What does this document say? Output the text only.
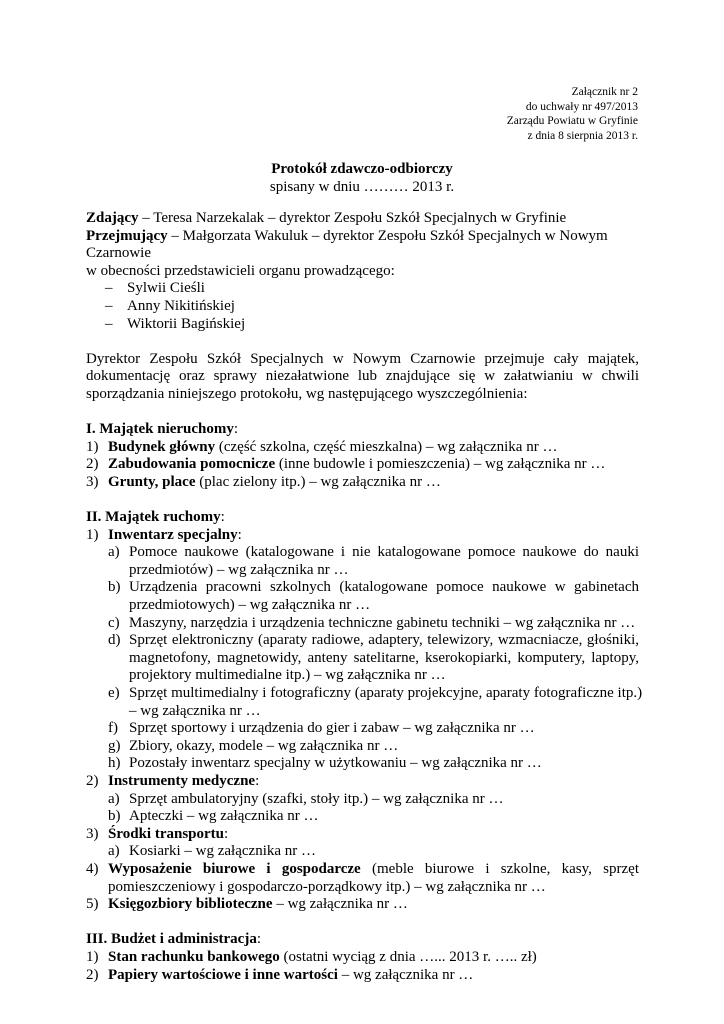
Załącznik nr 2
do uchwały nr 497/2013
Zarządu Powiatu w Gryfinie
z dnia 8 sierpnia 2013 r.
Protokół zdawczo-odbiorczy
spisany w dniu ……… 2013 r.
Zdający – Teresa Narzekalak – dyrektor Zespołu Szkół Specjalnych w Gryfinie
Przejmujący – Małgorzata Wakuluk – dyrektor Zespołu Szkół Specjalnych w Nowym
Czarnowie
w obecności przedstawicieli organu prowadzącego:
– Sylwii Cieśli
– Anny Nikitińskiej
– Wiktorii Bagińskiej
Dyrektor Zespołu Szkół Specjalnych w Nowym Czarnowie przejmuje cały majątek,
dokumentację oraz sprawy niezałatwione lub znajdujące się w załatwianiu w chwili
sporządzania niniejszego protokołu, wg następującego wyszczególnienia:
I. Majątek nieruchomy:
1) Budynek główny (część szkolna, część mieszkalna) – wg załącznika nr …
2) Zabudowania pomocnicze (inne budowle i pomieszczenia) – wg załącznika nr …
3) Grunty, place (plac zielony itp.) – wg załącznika nr …
II. Majątek ruchomy:
1) Inwentarz specjalny:
a) Pomoce naukowe (katalogowane i nie katalogowane pomoce naukowe do nauki
przedmiotów) – wg załącznika nr …
b) Urządzenia pracowni szkolnych (katalogowane pomoce naukowe w gabinetach
przedmiotowych) – wg załącznika nr …
c) Maszyny, narzędzia i urządzenia techniczne gabinetu techniki – wg załącznika nr …
d) Sprzęt elektroniczny (aparaty radiowe, adaptery, telewizory, wzmacniacze, głośniki,
magnetofony, magnetowidy, anteny satelitarne, kserokopiarki, komputery, laptopy,
projektory multimedialne itp.) – wg załącznika nr …
e) Sprzęt multimedialny i fotograficzny (aparaty projekcyjne, aparaty fotograficzne itp.)
– wg załącznika nr …
f) Sprzęt sportowy i urządzenia do gier i zabaw – wg załącznika nr …
g) Zbiory, okazy, modele – wg załącznika nr …
h) Pozostały inwentarz specjalny w użytkowaniu – wg załącznika nr …
2) Instrumenty medyczne:
a) Sprzęt ambulatoryjny (szafki, stoły itp.) – wg załącznika nr …
b) Apteczki – wg załącznika nr …
3) Środki transportu:
a) Kosiarki – wg załącznika nr …
4) Wyposażenie biurowe i gospodarcze (meble biurowe i szkolne, kasy, sprzęt
pomieszczeniowy i gospodarczo-porządkowy itp.) – wg załącznika nr …
5) Księgozbiory biblioteczne – wg załącznika nr …
III. Budżet i administracja:
1) Stan rachunku bankowego (ostatni wyciąg z dnia …... 2013 r. ….. zł)
2) Papiery wartościowe i inne wartości – wg załącznika nr …
